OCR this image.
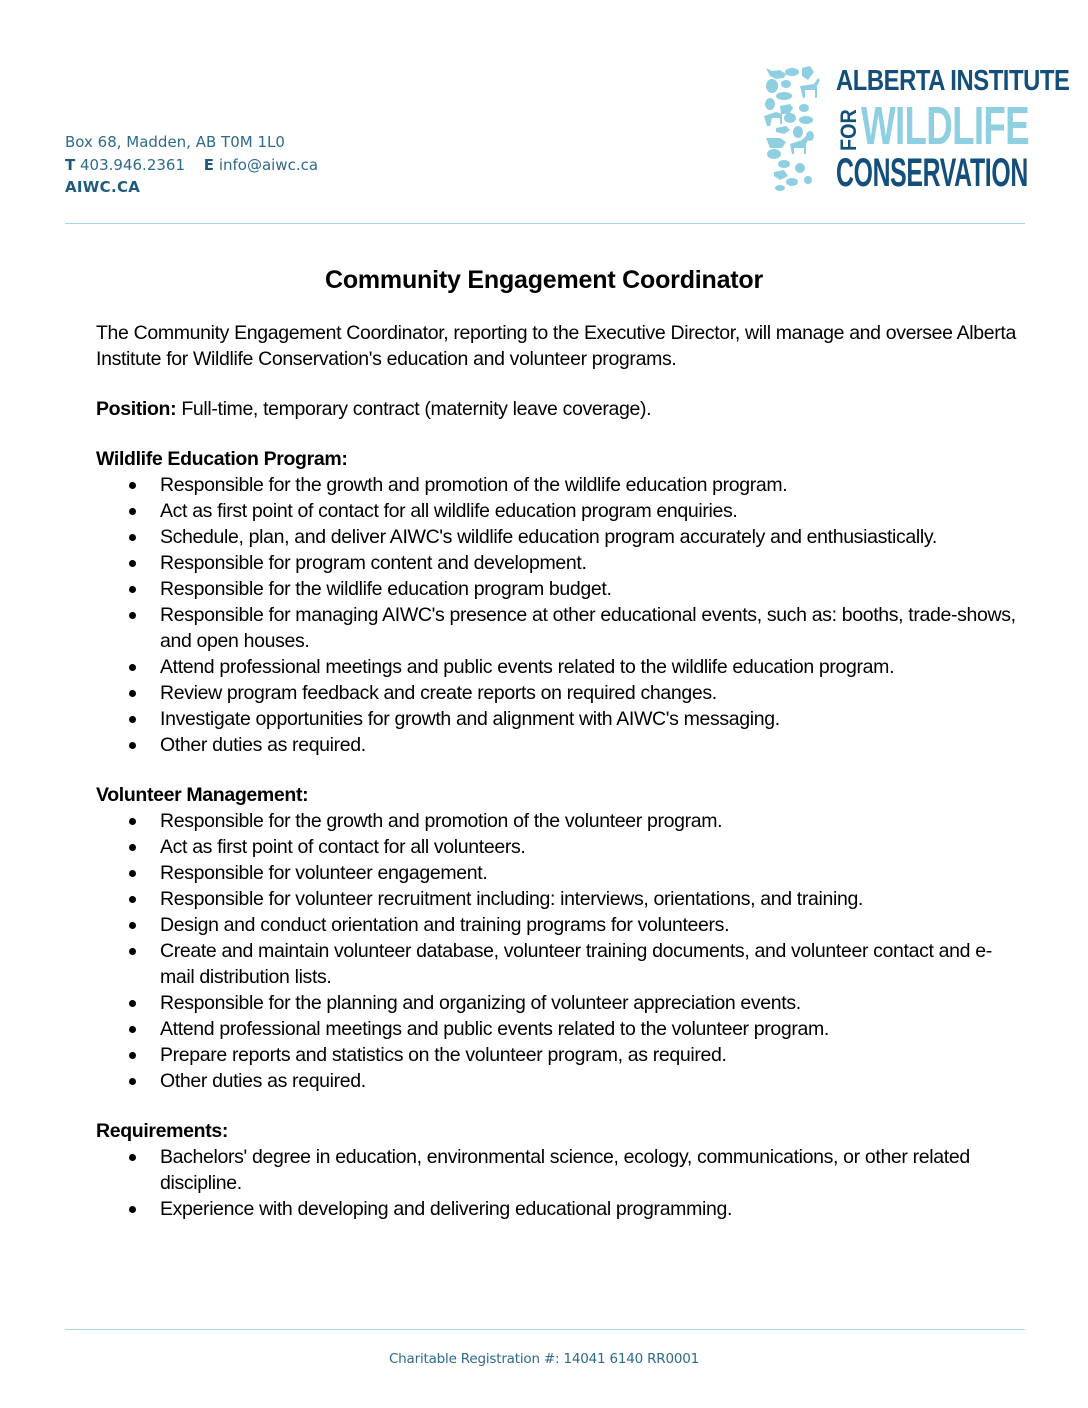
Box 68, Madden, AB T0M 1L0
T 403.946.2361 E info@aiwc.ca
AIWC.CA
ALBERTA INSTITUTE
FOR WILDLIFE
CONSERVATION
Community Engagement Coordinator

The Community Engagement Coordinator, reporting to the Executive Director, will manage and oversee Alberta Institute for Wildlife Conservation's education and volunteer programs.

Position: Full-time, temporary contract (maternity leave coverage).

Wildlife Education Program:

Responsible for the growth and promotion of the wildlife education program.
Act as first point of contact for all wildlife education program enquiries.
Schedule, plan, and deliver AIWC's wildlife education program accurately and enthusiastically.
Responsible for program content and development.
Responsible for the wildlife education program budget.
Responsible for managing AIWC's presence at other educational events, such as: booths, trade-shows, and open houses.
Attend professional meetings and public events related to the wildlife education program.
Review program feedback and create reports on required changes.
Investigate opportunities for growth and alignment with AIWC's messaging.
Other duties as required.

Volunteer Management:

Responsible for the growth and promotion of the volunteer program.
Act as first point of contact for all volunteers.
Responsible for volunteer engagement.
Responsible for volunteer recruitment including: interviews, orientations, and training.
Design and conduct orientation and training programs for volunteers.
Create and maintain volunteer database, volunteer training documents, and volunteer contact and e-mail distribution lists.
Responsible for the planning and organizing of volunteer appreciation events.
Attend professional meetings and public events related to the volunteer program.
Prepare reports and statistics on the volunteer program, as required.
Other duties as required.

Requirements:

Bachelors' degree in education, environmental science, ecology, communications, or other related discipline.
Experience with developing and delivering educational programming.
Charitable Registration #: 14041 6140 RR0001
